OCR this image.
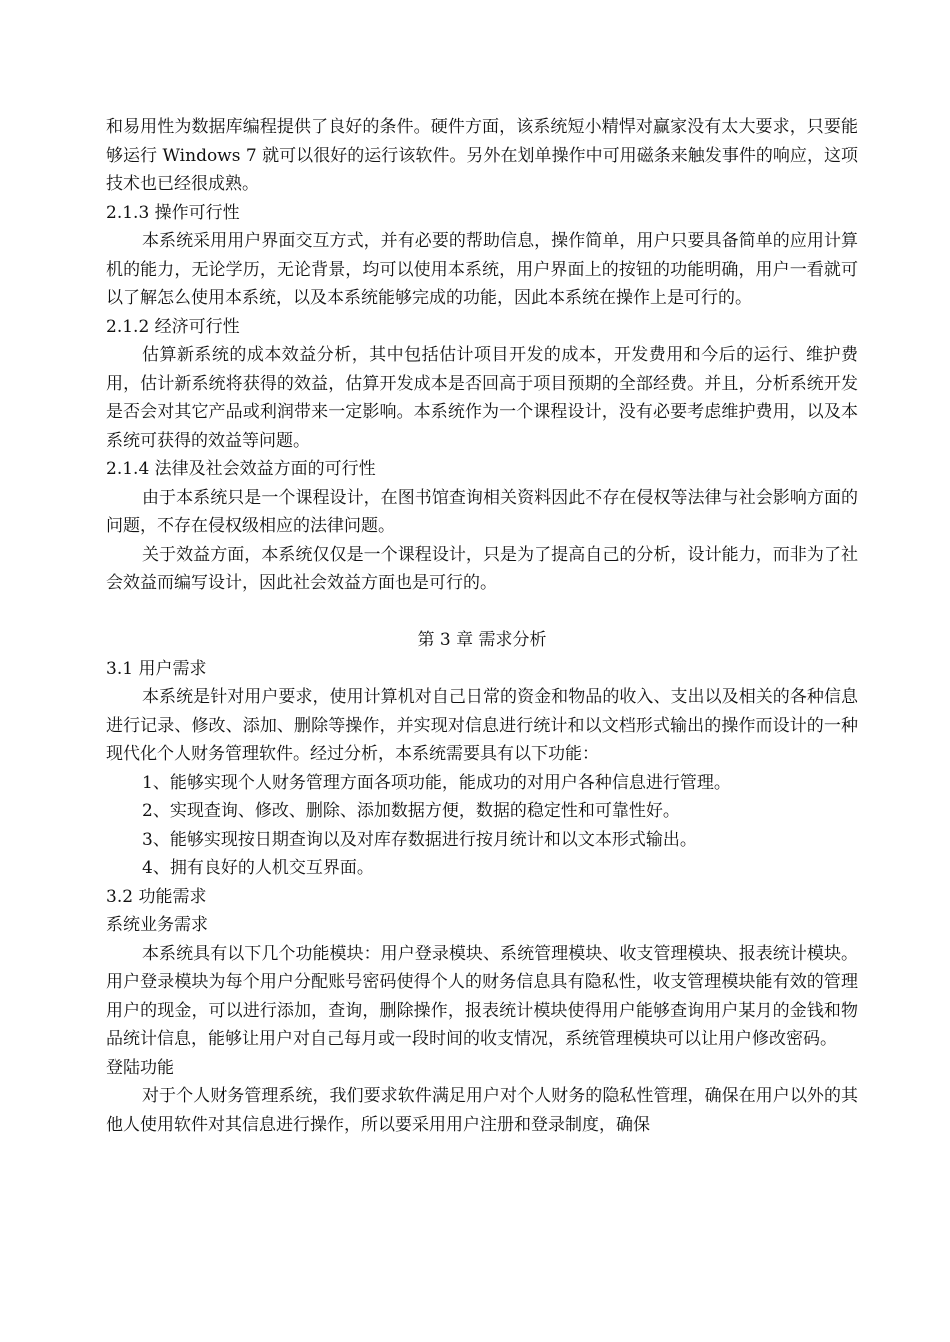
和易用性为数据库编程提供了良好的条件。硬件方面，该系统短小精悍对赢家没有太大要求，只要能够运行 Windows 7 就可以很好的运行该软件。另外在划单操作中可用磁条来触发事件的响应，这项技术也已经很成熟。

2.1.3 操作可行性

本系统采用用户界面交互方式，并有必要的帮助信息，操作简单，用户只要具备简单的应用计算机的能力，无论学历，无论背景，均可以使用本系统，用户界面上的按钮的功能明确，用户一看就可以了解怎么使用本系统，以及本系统能够完成的功能，因此本系统在操作上是可行的。

2.1.2 经济可行性

估算新系统的成本效益分析，其中包括估计项目开发的成本，开发费用和今后的运行、维护费用，估计新系统将获得的效益，估算开发成本是否回高于项目预期的全部经费。并且，分析系统开发是否会对其它产品或利润带来一定影响。本系统作为一个课程设计，没有必要考虑维护费用，以及本系统可获得的效益等问题。

2.1.4 法律及社会效益方面的可行性

由于本系统只是一个课程设计，在图书馆查询相关资料因此不存在侵权等法律与社会影响方面的问题，不存在侵权级相应的法律问题。

关于效益方面，本系统仅仅是一个课程设计，只是为了提高自己的分析，设计能力，而非为了社会效益而编写设计，因此社会效益方面也是可行的。

第 3 章 需求分析

3.1 用户需求

本系统是针对用户要求，使用计算机对自己日常的资金和物品的收入、支出以及相关的各种信息进行记录、修改、添加、删除等操作，并实现对信息进行统计和以文档形式输出的操作而设计的一种现代化个人财务管理软件。经过分析，本系统需要具有以下功能：

1、能够实现个人财务管理方面各项功能，能成功的对用户各种信息进行管理。

2、实现查询、修改、删除、添加数据方便，数据的稳定性和可靠性好。

3、能够实现按日期查询以及对库存数据进行按月统计和以文本形式输出。

4、拥有良好的人机交互界面。

3.2 功能需求

系统业务需求

本系统具有以下几个功能模块：用户登录模块、系统管理模块、收支管理模块、报表统计模块。用户登录模块为每个用户分配账号密码使得个人的财务信息具有隐私性，收支管理模块能有效的管理用户的现金，可以进行添加，查询，删除操作，报表统计模块使得用户能够查询用户某月的金钱和物品统计信息，能够让用户对自己每月或一段时间的收支情况，系统管理模块可以让用户修改密码。

登陆功能

对于个人财务管理系统，我们要求软件满足用户对个人财务的隐私性管理，确保在用户以外的其他人使用软件对其信息进行操作，所以要采用用户注册和登录制度，确保
